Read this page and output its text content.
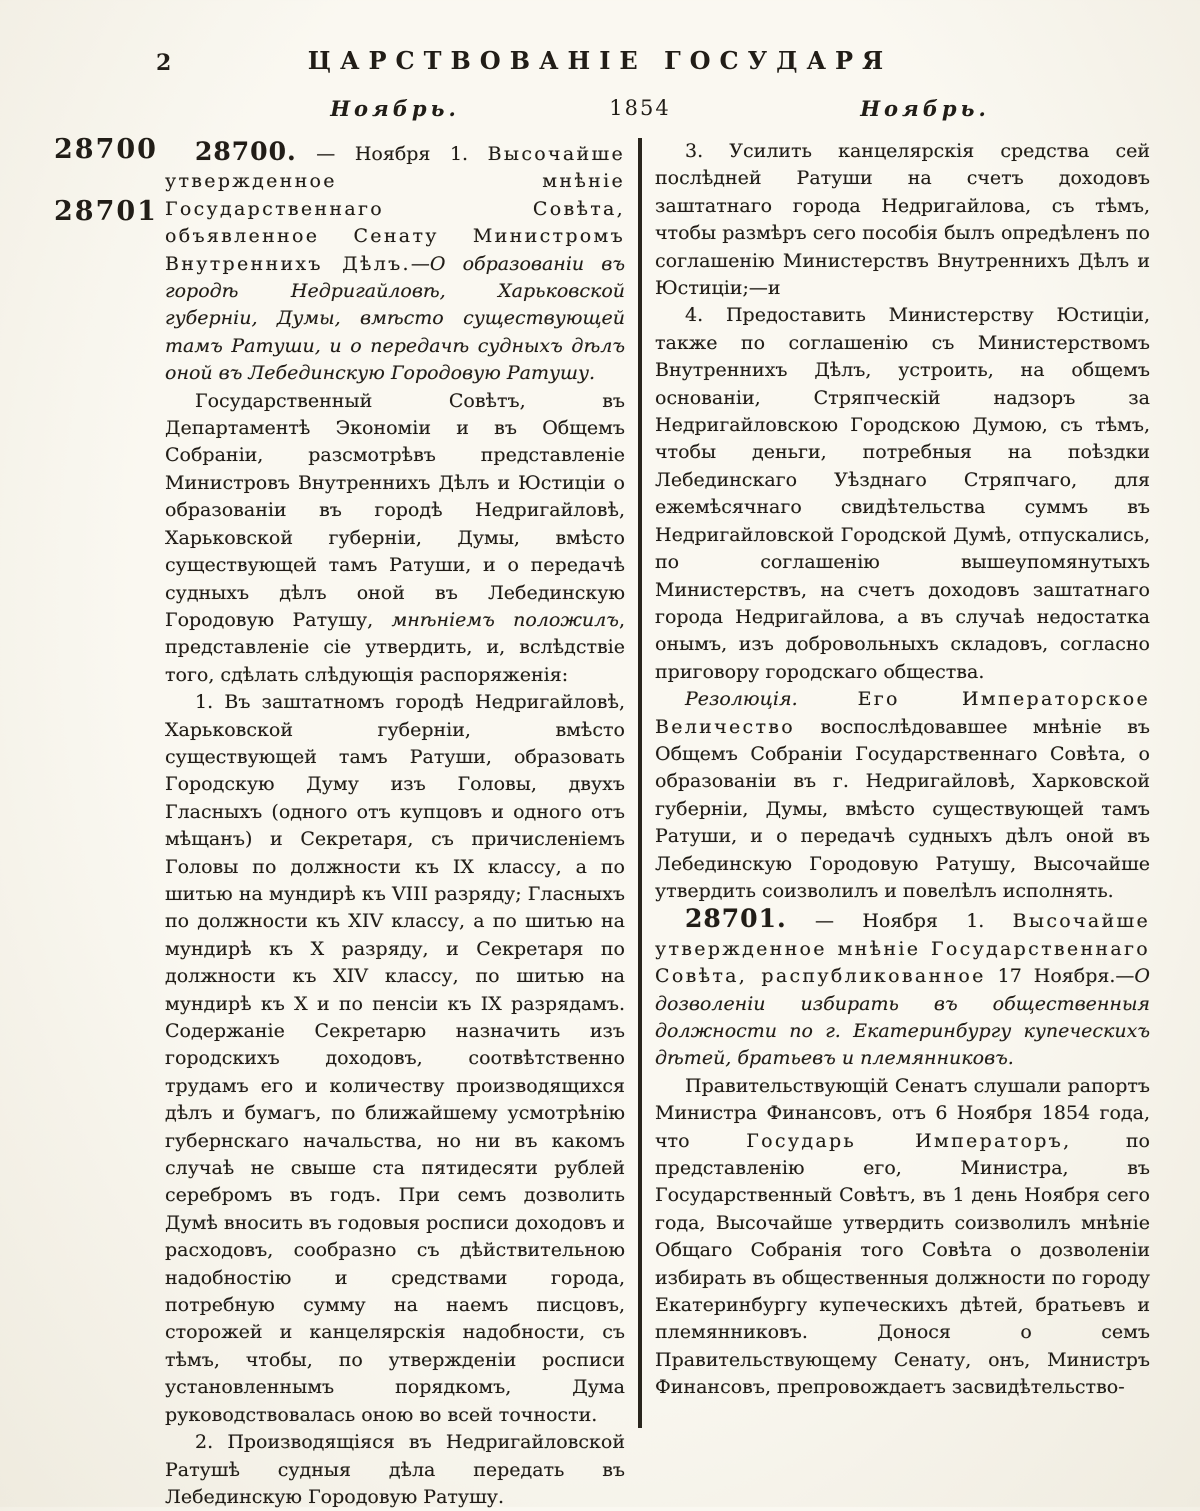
2	ЦАРСТВОВАНІЕ ГОСУДАРЯ
Ноябрь.	1854	Ноябрь.
28700
28701

28700. — Ноября 1. Высочайше утвержденное мнѣніе Государственнаго Совѣта, объявленное Сенату Министромъ Внутреннихъ Дѣлъ.—О образованіи въ городѣ Недригайловѣ, Харьковской губерніи, Думы, вмѣсто существующей тамъ Ратуши, и о передачѣ судныхъ дѣлъ оной въ Лебединскую Городовую Ратушу.

Государственный Совѣтъ, въ Департаментѣ Экономіи и въ Общемъ Собраніи, разсмотрѣвъ представленіе Министровъ Внутреннихъ Дѣлъ и Юстиціи о образованіи въ городѣ Недригайловѣ, Харьковской губерніи, Думы, вмѣсто существующей тамъ Ратуши, и о передачѣ судныхъ дѣлъ оной въ Лебединскую Городовую Ратушу, мнѣніемъ положилъ, представленіе сіе утвердить, и, вслѣдствіе того, сдѣлать слѣдующія распоряженія:

1. Въ заштатномъ городѣ Недригайловѣ, Харьковской губерніи, вмѣсто существующей тамъ Ратуши, образовать Городскую Думу изъ Головы, двухъ Гласныхъ (одного отъ купцовъ и одного отъ мѣщанъ) и Секретаря, съ причисленіемъ Головы по должности къ IX классу, а по шитью на мундирѣ къ VIII разряду; Гласныхъ по должности къ XIV классу, а по шитью на мундирѣ къ X разряду, и Секретаря по должности къ XIV классу, по шитью на мундирѣ къ X и по пенсіи къ IX разрядамъ. Содержаніе Секретарю назначить изъ городскихъ доходовъ, соотвѣтственно трудамъ его и количеству производящихся дѣлъ и бумагъ, по ближайшему усмотрѣнію губернскаго начальства, но ни въ какомъ случаѣ не свыше ста пятидесяти рублей серебромъ въ годъ. При семъ дозволить Думѣ вносить въ годовыя росписи доходовъ и расходовъ, сообразно съ дѣйствительною надобностію и средствами города, потребную сумму на наемъ писцовъ, сторожей и канцелярскія надобности, съ тѣмъ, чтобы, по утвержденіи росписи установленнымъ порядкомъ, Дума руководствовалась оною во всей точности.

2. Производящіяся въ Недригайловской Ратушѣ судныя дѣла передать въ Лебединскую Городовую Ратушу.

3. Усилить канцелярскія средства сей послѣдней Ратуши на счетъ доходовъ заштатнаго города Недригайлова, съ тѣмъ, чтобы размѣръ сего пособія былъ опредѣленъ по соглашенію Министерствъ Внутреннихъ Дѣлъ и Юстиціи;—и

4. Предоставить Министерству Юстиціи, также по соглашенію съ Министерствомъ Внутреннихъ Дѣлъ, устроить, на общемъ основаніи, Стряпческій надзоръ за Недригайловскою Городскою Думою, съ тѣмъ, чтобы деньги, потребныя на поѣздки Лебединскаго Уѣзднаго Стряпчаго, для ежемѣсячнаго свидѣтельства суммъ въ Недригайловской Городской Думѣ, отпускались, по соглашенію вышеупомянутыхъ Министерствъ, на счетъ доходовъ заштатнаго города Недригайлова, а въ случаѣ недостатка онымъ, изъ добровольныхъ складовъ, согласно приговору городскаго общества.

Резолюція.	Его Императорское Величество воспослѣдовавшее мнѣніе въ Общемъ Собраніи Государственнаго Совѣта, о образованіи въ г. Недригайловѣ, Харковской губерніи, Думы, вмѣсто существующей тамъ Ратуши, и о передачѣ судныхъ дѣлъ оной въ Лебединскую Городовую Ратушу, Высочайше утвердить соизволилъ и повелѣлъ исполнять.

28701. — Ноября 1. Высочайше утвержденное мнѣніе Государственнаго Совѣта, распубликованное 17 Ноября.—О дозволеніи избирать въ общественныя должности по г. Екатеринбургу купеческихъ дѣтей, братьевъ и племянниковъ.

Правительствующій Сенатъ слушали рапортъ Министра Финансовъ, отъ 6 Ноября 1854 года, что Государь Императоръ, по представленію его, Министра, въ Государственный Совѣтъ, въ 1 день Ноября сего года, Высочайше утвердить соизволилъ мнѣніе Общаго Собранія того Совѣта о дозволеніи избирать въ общественныя должности по городу Екатеринбургу купеческихъ дѣтей, братьевъ и племянниковъ. Донося о семъ Правительствующему Сенату, онъ, Министръ Финансовъ, препровождаетъ засвидѣтельство-
